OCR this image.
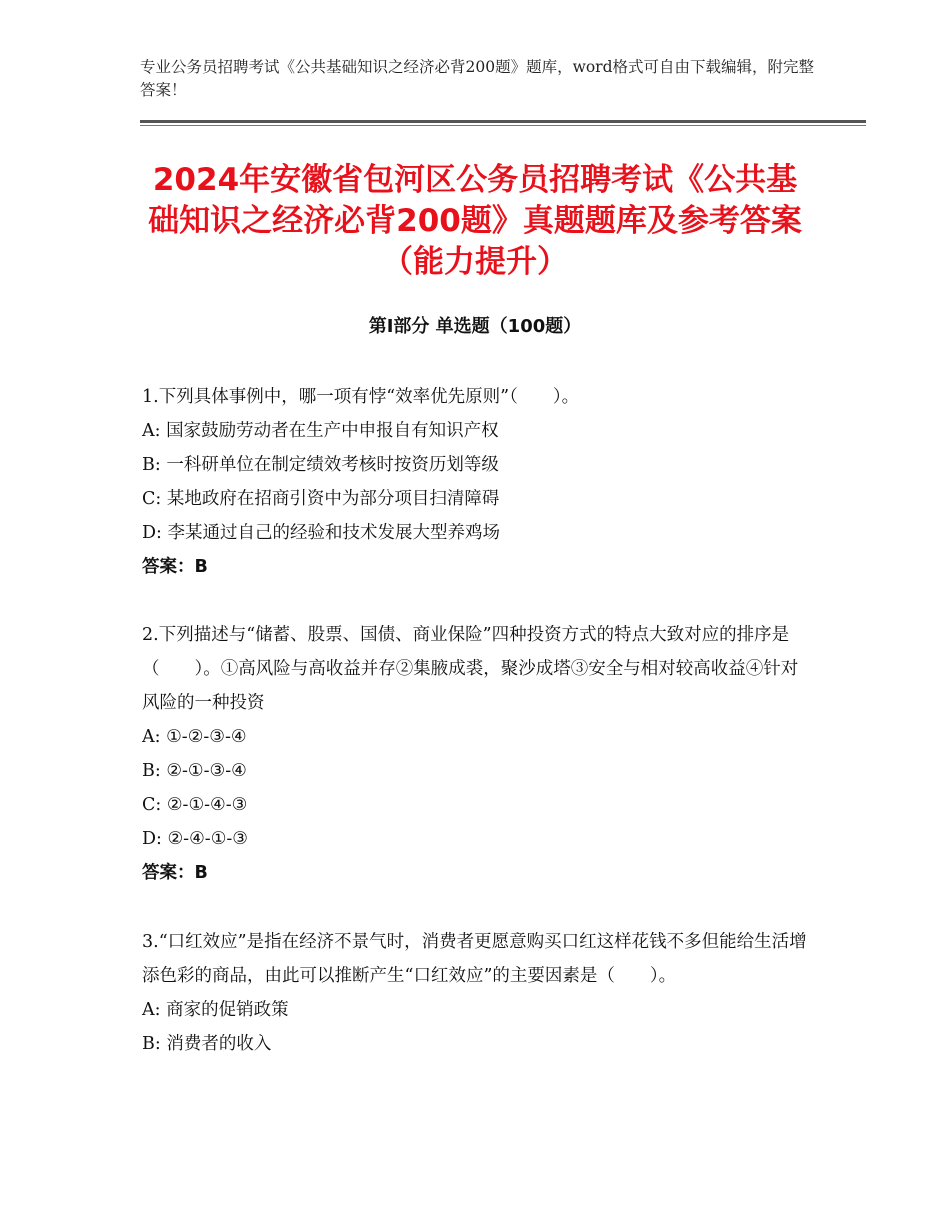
专业公务员招聘考试《公共基础知识之经济必背200题》题库，word格式可自由下载编辑，附完整答案！
2024年安徽省包河区公务员招聘考试《公共基础知识之经济必背200题》真题题库及参考答案（能力提升）
第Ⅰ部分 单选题（100题）
1.下列具体事例中，哪一项有悖“效率优先原则”（　　）。
A: 国家鼓励劳动者在生产中申报自有知识产权
B: 一科研单位在制定绩效考核时按资历划等级
C: 某地政府在招商引资中为部分项目扫清障碍
D: 李某通过自己的经验和技术发展大型养鸡场
答案：B
2.下列描述与“储蓄、股票、国债、商业保险”四种投资方式的特点大致对应的排序是（　　）。①高风险与高收益并存②集腋成裘，聚沙成塔③安全与相对较高收益④针对风险的一种投资
A: ①-②-③-④
B: ②-①-③-④
C: ②-①-④-③
D: ②-④-①-③
答案：B
3.“口红效应”是指在经济不景气时，消费者更愿意购买口红这样花钱不多但能给生活增添色彩的商品，由此可以推断产生“口红效应”的主要因素是（　　）。
A: 商家的促销政策
B: 消费者的收入
